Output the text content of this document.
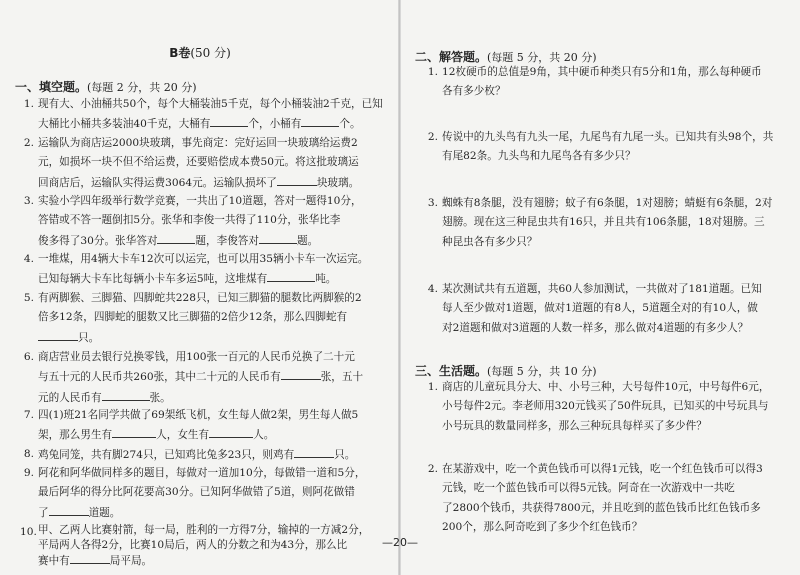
B卷(50 分)
一、填空题。(每题 2 分，共 20 分)
1. 现有大、小油桶共50个，每个大桶装油5千克，每个小桶装油2千克，已知
大桶比小桶共多装油40千克，大桶有	个，小桶有	个。
2. 运输队为商店运2000块玻璃，事先商定：完好运回一块玻璃给运费2
元，如损坏一块不但不给运费，还要赔偿成本费50元。将这批玻璃运
回商店后，运输队实得运费3064元。运输队损坏了	块玻璃。
3. 实验小学四年级举行数学竞赛，一共出了10道题，答对一题得10分，
答错或不答一题倒扣5分。张华和李俊一共得了110分，张华比李
俊多得了30分。张华答对	题，李俊答对	题。
4. 一堆煤，用4辆大卡车12次可以运完，也可以用35辆小卡车一次运完。
已知每辆大卡车比每辆小卡车多运5吨，这堆煤有	吨。
5. 有两脚猴、三脚猫、四脚蛇共228只，已知三脚猫的腿数比两脚猴的2
倍多12条，四脚蛇的腿数又比三脚猫的2倍少12条，那么四脚蛇有
只。
6. 商店营业员去银行兑换零钱，用100张一百元的人民币兑换了二十元
与五十元的人民币共260张，其中二十元的人民币有	张，五十
元的人民币有	张。
7. 四(1)班21名同学共做了69架纸飞机，女生每人做2架，男生每人做5
架，那么男生有	人，女生有	人。
8. 鸡兔同笼，共有脚274只，已知鸡比兔多23只，则鸡有	只。
9. 阿花和阿华做同样多的题目，每做对一道加10分，每做错一道和5分，
最后阿华的得分比阿花要高30分。已知阿华做错了5道，则阿花做错
了	道题。
10. 甲、乙两人比赛射箭，每一局，胜利的一方得7分，输掉的一方减2分，
平局两人各得2分，比赛10局后，两人的分数之和为43分，那么比
赛中有	局平局。
二、解答题。(每题 5 分，共 20 分)
1. 12枚硬币的总值是9角，其中硬币种类只有5分和1角，那么每种硬币
各有多少枚？
2. 传说中的九头鸟有九头一尾，九尾鸟有九尾一头。已知共有头98个，共
有尾82条。九头鸟和九尾鸟各有多少只？
3. 蜘蛛有8条腿，没有翅膀；蚊子有6条腿，1对翅膀；蜻蜓有6条腿，2对
翅膀。现在这三种昆虫共有16只，并且共有106条腿，18对翅膀。三
种昆虫各有多少只？
4. 某次测试共有五道题，共60人参加测试，一共做对了181道题。已知
每人至少做对1道题，做对1道题的有8人，5道题全对的有10人，做
对2道题和做对3道题的人数一样多，那么做对4道题的有多少人？
三、生活题。(每题 5 分，共 10 分)
1. 商店的儿童玩具分大、中、小号三种，大号每件10元，中号每件6元，
小号每件2元。李老师用320元钱买了50件玩具，已知买的中号玩具与
小号玩具的数量同样多，那么三种玩具每样买了多少件？
2. 在某游戏中，吃一个黄色钱币可以得1元钱，吃一个红色钱币可以得3
元钱，吃一个蓝色钱币可以得5元钱。阿奇在一次游戏中一共吃
了2800个钱币，共获得7800元，并且吃到的蓝色钱币比红色钱币多
200个，那么阿奇吃到了多少个红色钱币？
—20—
